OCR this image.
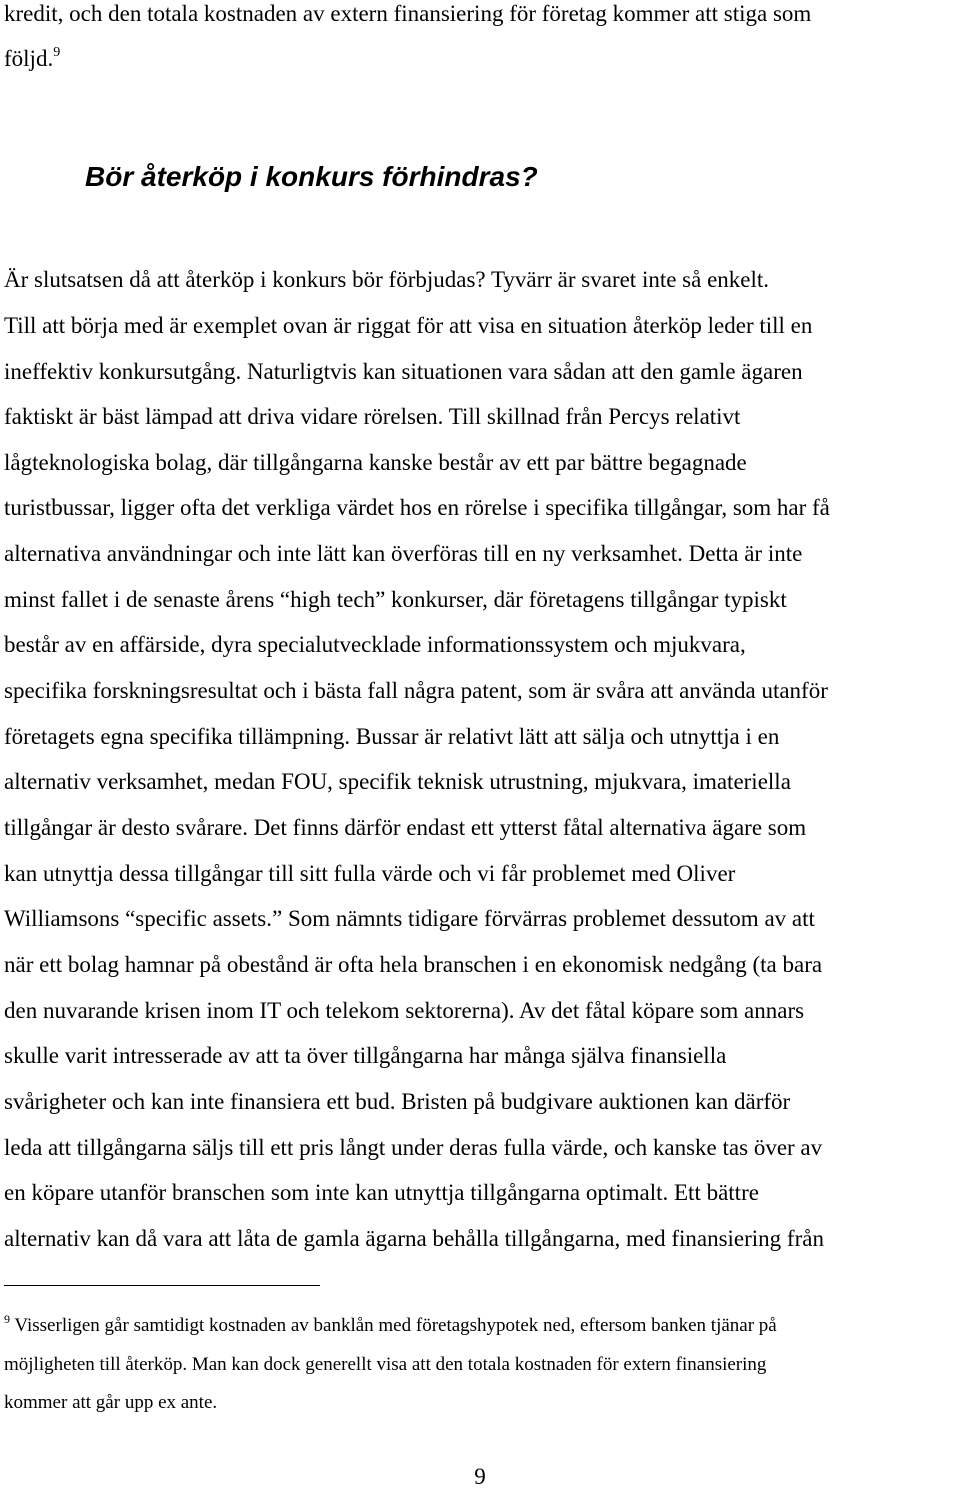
kredit, och den totala kostnaden av extern finansiering för företag kommer att stiga som
följd.$^9$
Bör återköp i konkurs förhindras?
Är slutsatsen då att återköp i konkurs bör förbjudas? Tyvärr är svaret inte så enkelt.
Till att börja med är exemplet ovan är riggat för att visa en situation återköp leder till en
ineffektiv konkursutgång. Naturligtvis kan situationen vara sådan att den gamle ägaren
faktiskt är bäst lämpad att driva vidare rörelsen. Till skillnad från Percys relativt
lågteknologiska bolag, där tillgångarna kanske består av ett par bättre begagnade
turistbussar, ligger ofta det verkliga värdet hos en rörelse i specifika tillgångar, som har få
alternativa användningar och inte lätt kan överföras till en ny verksamhet. Detta är inte
minst fallet i de senaste årens “high tech” konkurser, där företagens tillgångar typiskt
består av en affärside, dyra specialutvecklade informationssystem och mjukvara,
specifika forskningsresultat och i bästa fall några patent, som är svåra att använda utanför
företagets egna specifika tillämpning. Bussar är relativt lätt att sälja och utnyttja i en
alternativ verksamhet, medan FOU, specifik teknisk utrustning, mjukvara, imateriella
tillgångar är desto svårare. Det finns därför endast ett ytterst fåtal alternativa ägare som
kan utnyttja dessa tillgångar till sitt fulla värde och vi får problemet med Oliver
Williamsons “specific assets.” Som nämnts tidigare förvärras problemet dessutom av att
när ett bolag hamnar på obestånd är ofta hela branschen i en ekonomisk nedgång (ta bara
den nuvarande krisen inom IT och telekom sektorerna). Av det fåtal köpare som annars
skulle varit intresserade av att ta över tillgångarna har många själva finansiella
svårigheter och kan inte finansiera ett bud. Bristen på budgivare auktionen kan därför
leda att tillgångarna säljs till ett pris långt under deras fulla värde, och kanske tas över av
en köpare utanför branschen som inte kan utnyttja tillgångarna optimalt. Ett bättre
alternativ kan då vara att låta de gamla ägarna behålla tillgångarna, med finansiering från
$^9$ Visserligen går samtidigt kostnaden av banklån med företagshypotek ned, eftersom banken tjänar på
möjligheten till återköp. Man kan dock generellt visa att den totala kostnaden för extern finansiering
kommer att går upp ex ante.
9
